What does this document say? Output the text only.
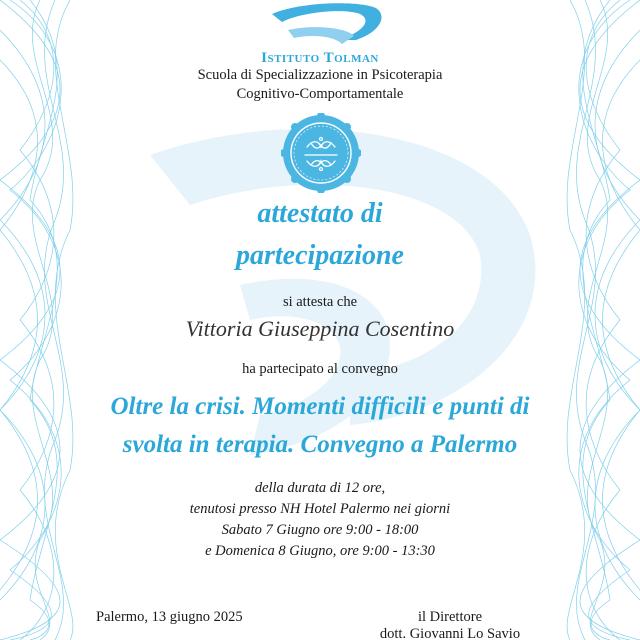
Istituto Tolman
Scuola di Specializzazione in Psicoterapia
Cognitivo-Comportamentale
attestato di
partecipazione
si attesta che
Vittoria Giuseppina Cosentino
ha partecipato al convegno
Oltre la crisi. Momenti difficili e punti di
svolta in terapia. Convegno a Palermo
della durata di 12 ore,
tenutosi presso NH Hotel Palermo nei giorni
Sabato 7 Giugno ore 9:00 - 18:00
e Domenica 8 Giugno, ore 9:00 - 13:30
Palermo, 13 giugno 2025	il Direttore
dott. Giovanni Lo Savio
